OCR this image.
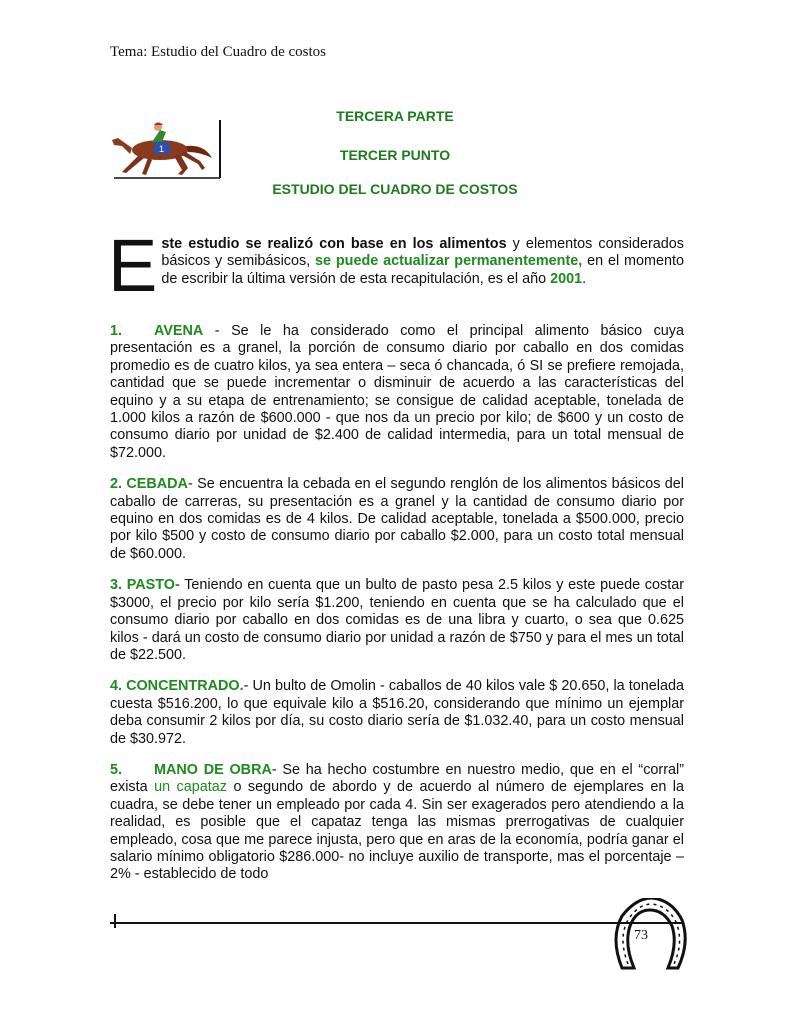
Tema: Estudio del Cuadro de costos
1
TERCERA PARTE
TERCER PUNTO
ESTUDIO DEL CUADRO DE COSTOS
E ste estudio se realizó con base en los alimentos y elementos considerados básicos y semibásicos, se puede actualizar permanentemente, en el momento de escribir la última versión de esta recapitulación, es el año 2001.

1. AVENA - Se le ha considerado como el principal alimento básico cuya presentación es a granel, la porción de consumo diario por caballo en dos comidas promedio es de cuatro kilos, ya sea entera – seca ó chancada, ó SI se prefiere remojada, cantidad que se puede incrementar o disminuir de acuerdo a las características del equino y a su etapa de entrenamiento; se consigue de calidad aceptable, tonelada de 1.000 kilos a razón de $600.000 - que nos da un precio por kilo; de $600 y un costo de consumo diario por unidad de $2.400 de calidad intermedia, para un total mensual de $72.000.

2. CEBADA- Se encuentra la cebada en el segundo renglón de los alimentos básicos del caballo de carreras, su presentación es a granel y la cantidad de consumo diario por equino en dos comidas es de 4 kilos. De calidad aceptable, tonelada a $500.000, precio por kilo $500 y costo de consumo diario por caballo $2.000, para un costo total mensual de $60.000.

3. PASTO- Teniendo en cuenta que un bulto de pasto pesa 2.5 kilos y este puede costar $3000, el precio por kilo sería $1.200, teniendo en cuenta que se ha calculado que el consumo diario por caballo en dos comidas es de una libra y cuarto, o sea que 0.625 kilos - dará un costo de consumo diario por unidad a razón de $750 y para el mes un total de $22.500.

4. CONCENTRADO.- Un bulto de Omolin - caballos de 40 kilos vale $ 20.650, la tonelada cuesta $516.200, lo que equivale kilo a $516.20, considerando que mínimo un ejemplar deba consumir 2 kilos por día, su costo diario sería de $1.032.40, para un costo mensual de $30.972.

5. MANO DE OBRA- Se ha hecho costumbre en nuestro medio, que en el “corral” exista un capataz o segundo de abordo y de acuerdo al número de ejemplares en la cuadra, se debe tener un empleado por cada 4. Sin ser exagerados pero atendiendo a la realidad, es posible que el capataz tenga las mismas prerrogativas de cualquier empleado, cosa que me parece injusta, pero que en aras de la economía, podría ganar el salario mínimo obligatorio $286.000- no incluye auxilio de transporte, mas el porcentaje –2% - establecido de todo

73
